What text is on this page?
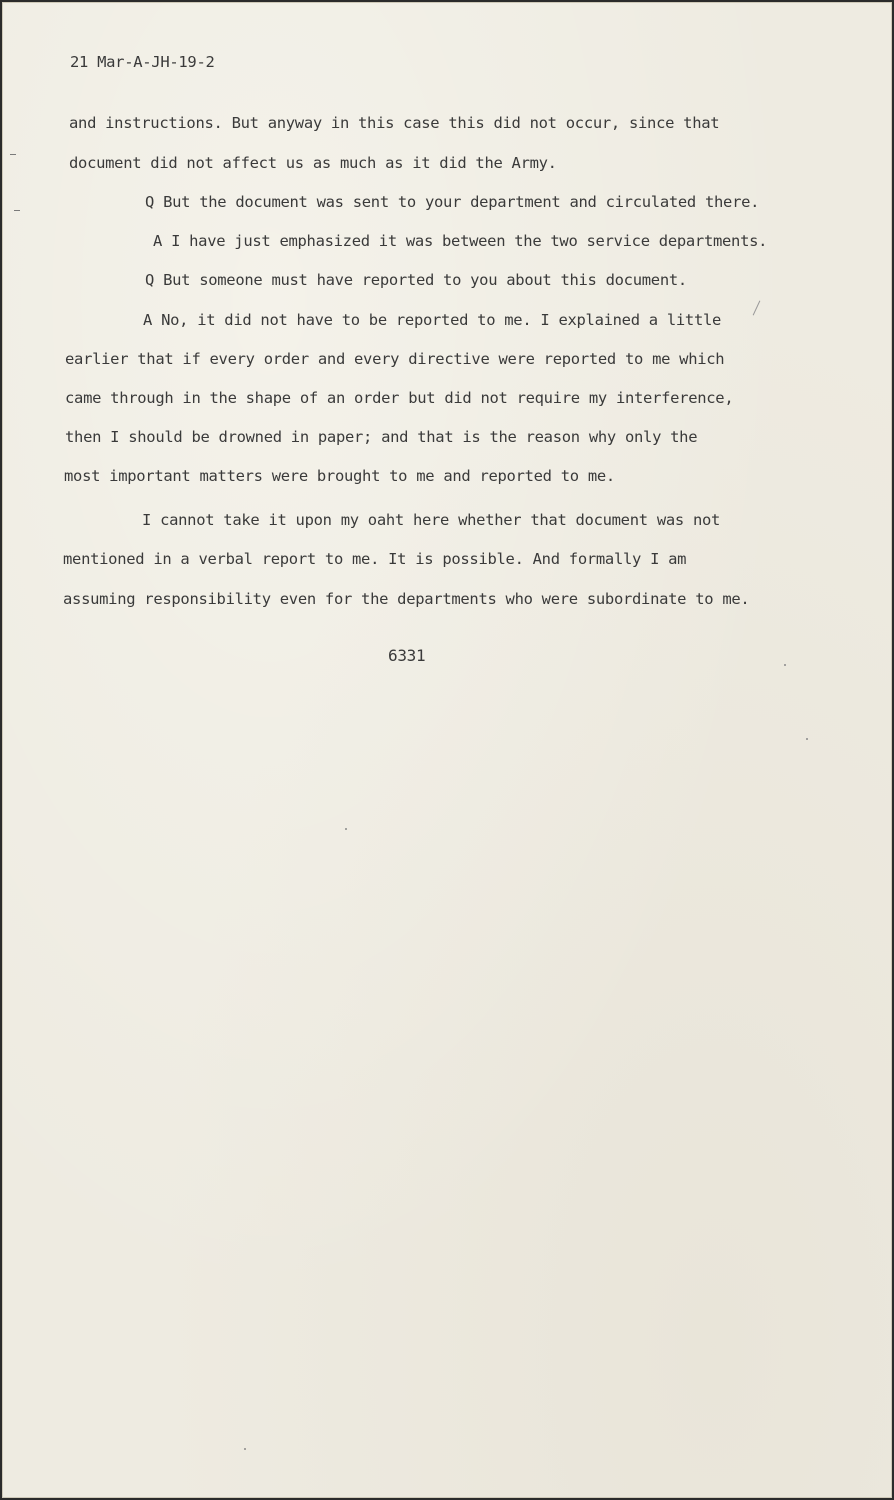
21 Mar-A-JH-19-2
and instructions. But anyway in this case this did not occur, since that
document did not affect us as much as it did the Army.
Q But the document was sent to your department and circulated there.
A I have just emphasized it was between the two service departments.
Q But someone must have reported to you about this document.
A No, it did not have to be reported to me. I explained a little
earlier that if every order and every directive were reported to me which
came through in the shape of an order but did not require my interference,
then I should be drowned in paper; and that is the reason why only the
most important matters were brought to me and reported to me.
I cannot take it upon my oaht here whether that document was not
mentioned in a verbal report to me. It is possible. And formally I am
assuming responsibility even for the departments who were subordinate to me.
6331
